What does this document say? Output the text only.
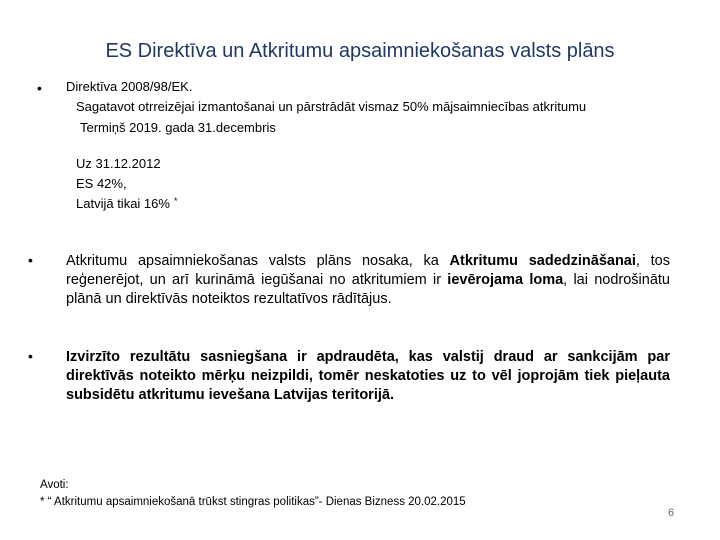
ES Direktīva un Atkritumu apsaimniekošanas valsts plāns
• Direktīva 2008/98/EK.
Sagatavot otrreizējai izmantošanai un pārstrādāt vismaz 50% mājsaimniecības atkritumu
Termiņš 2019. gada 31.decembris
Uz 31.12.2012
ES 42%,
Latvijā tikai 16% *
• Atkritumu apsaimniekošanas valsts plāns nosaka, ka Atkritumu sadedzināšanai, tos reģenerējot, un arī kurināmā iegūšanai no atkritumiem ir ievērojama loma, lai nodrošinātu plānā un direktīvās noteiktos rezultatīvos rādītājus.
• Izvirzīto rezultātu sasniegšana ir apdraudēta, kas valstij draud ar sankcijām par direktīvās noteikto mērķu neizpildi, tomēr neskatoties uz to vēl joprojām tiek pieļauta subsidētu atkritumu ievešana Latvijas teritorijā.
Avoti:
* “ Atkritumu apsaimniekošanā trūkst stingras politikas”- Dienas Bizness 20.02.2015
6
